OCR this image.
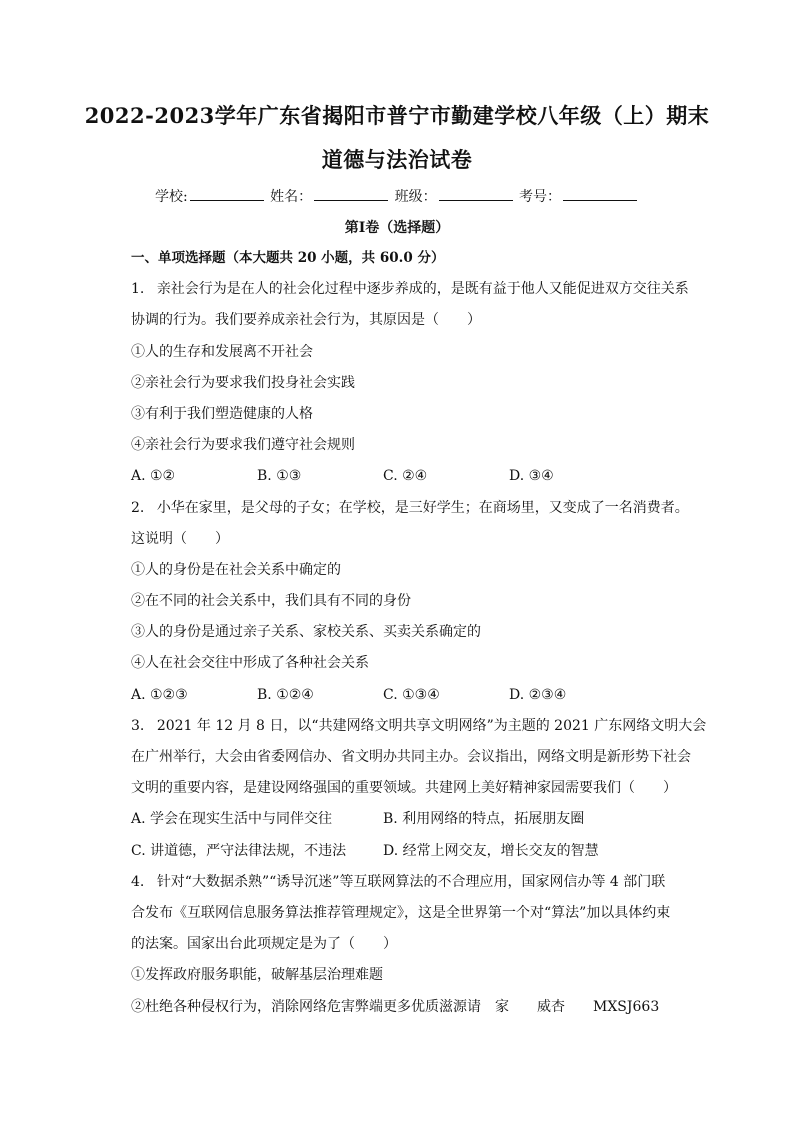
2022-2023学年广东省揭阳市普宁市勤建学校八年级（上）期末
道德与法治试卷
学校:	姓名：	班级：	考号：
第I卷（选择题）
一、单项选择题（本大题共 20 小题，共 60.0 分）
1. 亲社会行为是在人的社会化过程中逐步养成的，是既有益于他人又能促进双方交往关系
协调的行为。我们要养成亲社会行为，其原因是（　　）
①人的生存和发展离不开社会
②亲社会行为要求我们投身社会实践
③有利于我们塑造健康的人格
④亲社会行为要求我们遵守社会规则
A. ①②	B. ①③	C. ②④	D. ③④
2. 小华在家里，是父母的子女；在学校，是三好学生；在商场里，又变成了一名消费者。
这说明（　　）
①人的身份是在社会关系中确定的
②在不同的社会关系中，我们具有不同的身份
③人的身份是通过亲子关系、家校关系、买卖关系确定的
④人在社会交往中形成了各种社会关系
A. ①②③	B. ①②④	C. ①③④	D. ②③④
3. 2021 年 12 月 8 日，以“共建网络文明共享文明网络”为主题的 2021 广东网络文明大会
在广州举行，大会由省委网信办、省文明办共同主办。会议指出，网络文明是新形势下社会
文明的重要内容，是建设网络强国的重要领域。共建网上美好精神家园需要我们（　　）
A. 学会在现实生活中与同伴交往	B. 利用网络的特点，拓展朋友圈
C. 讲道德，严守法律法规，不违法	D. 经常上网交友，增长交友的智慧
4. 针对“大数据杀熟”“诱导沉迷”等互联网算法的不合理应用，国家网信办等 4 部门联
合发布《互联网信息服务算法推荐管理规定》，这是全世界第一个对“算法”加以具体约束
的法案。国家出台此项规定是为了（　　）
①发挥政府服务职能，破解基层治理难题
②杜绝各种侵权行为，消除网络危害弊端更多优质滋源请　家　　威杏　　MXSJ663
